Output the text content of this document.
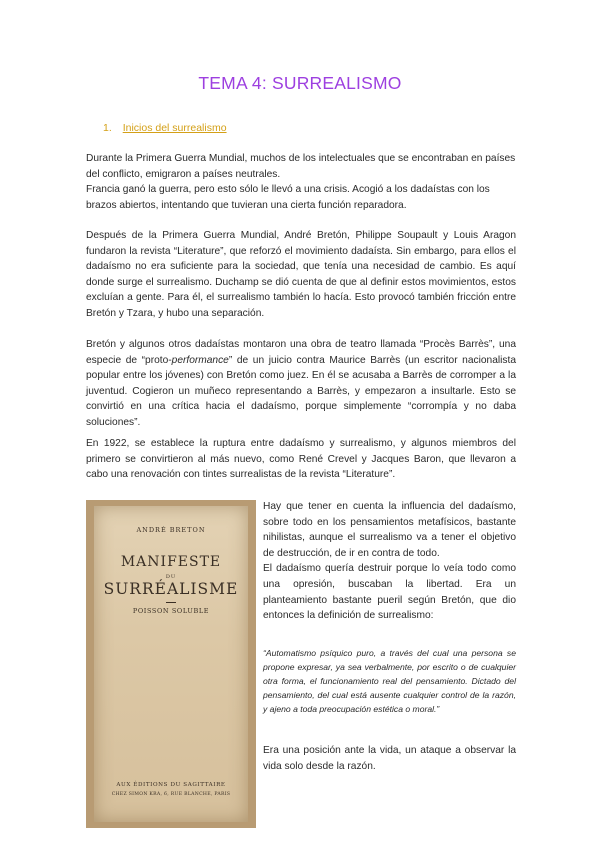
TEMA 4: SURREALISMO
1. Inicios del surrealismo
Durante la Primera Guerra Mundial, muchos de los intelectuales que se encontraban en países del conflicto, emigraron a países neutrales.
Francia ganó la guerra, pero esto sólo le llevó a una crisis. Acogió a los dadaístas con los brazos abiertos, intentando que tuvieran una cierta función reparadora.
Después de la Primera Guerra Mundial, André Bretón, Philippe Soupault y Louis Aragon fundaron la revista “Literature”, que reforzó el movimiento dadaísta. Sin embargo, para ellos el dadaísmo no era suficiente para la sociedad, que tenía una necesidad de cambio. Es aquí donde surge el surrealismo. Duchamp se dió cuenta de que al definir estos movimientos, estos excluían a gente. Para él, el surrealismo también lo hacía. Esto provocó también fricción entre Bretón y Tzara, y hubo una separación.
Bretón y algunos otros dadaístas montaron una obra de teatro llamada “Procès Barrès”, una especie de “proto-performance” de un juicio contra Maurice Barrès (un escritor nacionalista popular entre los jóvenes) con Bretón como juez. En él se acusaba a Barrès de corromper a la juventud. Cogieron un muñeco representando a Barrès, y empezaron a insultarle. Esto se convirtió en una crítica hacia el dadaísmo, porque simplemente “corrompía y no daba soluciones”.
En 1922, se establece la ruptura entre dadaísmo y surrealismo, y algunos miembros del primero se convirtieron al más nuevo, como René Crevel y Jacques Baron, que llevaron a cabo una renovación con tintes surrealistas de la revista “Literature”.
ANDRÉ BRETON
MANIFESTE
DU
SURRÉALISME
POISSON SOLUBLE
AUX ÉDITIONS DU SAGITTAIRE
CHEZ SIMON KRA, 6, RUE BLANCHE, PARIS
Hay que tener en cuenta la influencia del dadaísmo, sobre todo en los pensamientos metafísicos, bastante nihilistas, aunque el surrealismo va a tener el objetivo de destrucción, de ir en contra de todo.
El dadaísmo quería destruir porque lo veía todo como una opresión, buscaban la libertad. Era un planteamiento bastante pueril según Bretón, que dio entonces la definición de surrealismo:
“Automatismo psíquico puro, a través del cual una persona se propone expresar, ya sea verbalmente, por escrito o de cualquier otra forma, el funcionamiento real del pensamiento. Dictado del pensamiento, del cual está ausente cualquier control de la razón, y ajeno a toda preocupación estética o moral.”
Era una posición ante la vida, un ataque a observar la vida solo desde la razón.
